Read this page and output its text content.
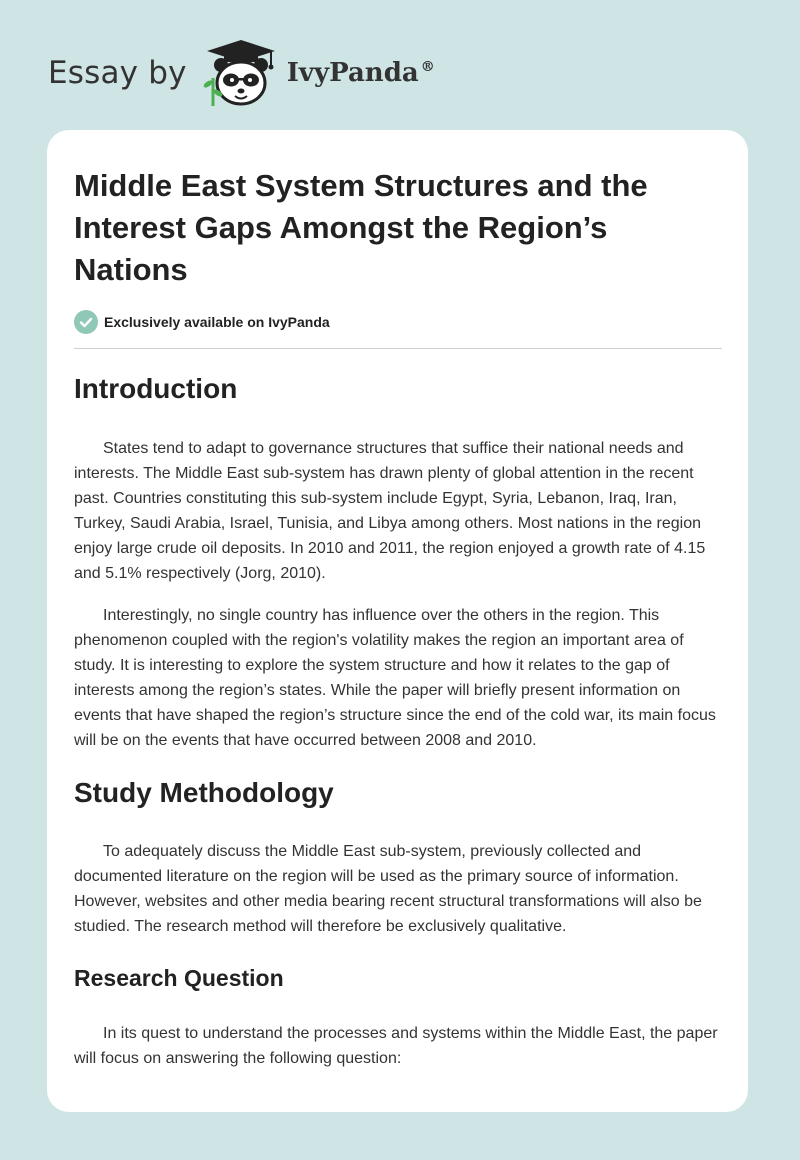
Essay by	IvyPanda ®
Middle East System Structures and the Interest Gaps Amongst the Region’s Nations
Exclusively available on IvyPanda
Introduction

States tend to adapt to governance structures that suffice their national needs and interests. The Middle East sub-system has drawn plenty of global attention in the recent past. Countries constituting this sub-system include Egypt, Syria, Lebanon, Iraq, Iran, Turkey, Saudi Arabia, Israel, Tunisia, and Libya among others. Most nations in the region enjoy large crude oil deposits. In 2010 and 2011, the region enjoyed a growth rate of 4.15 and 5.1% respectively (Jorg, 2010).

Interestingly, no single country has influence over the others in the region. This phenomenon coupled with the region's volatility makes the region an important area of study. It is interesting to explore the system structure and how it relates to the gap of interests among the region’s states. While the paper will briefly present information on events that have shaped the region’s structure since the end of the cold war, its main focus will be on the events that have occurred between 2008 and 2010.

Study Methodology

To adequately discuss the Middle East sub-system, previously collected and documented literature on the region will be used as the primary source of information. However, websites and other media bearing recent structural transformations will also be studied. The research method will therefore be exclusively qualitative.

Research Question

In its quest to understand the processes and systems within the Middle East, the paper will focus on answering the following question:
